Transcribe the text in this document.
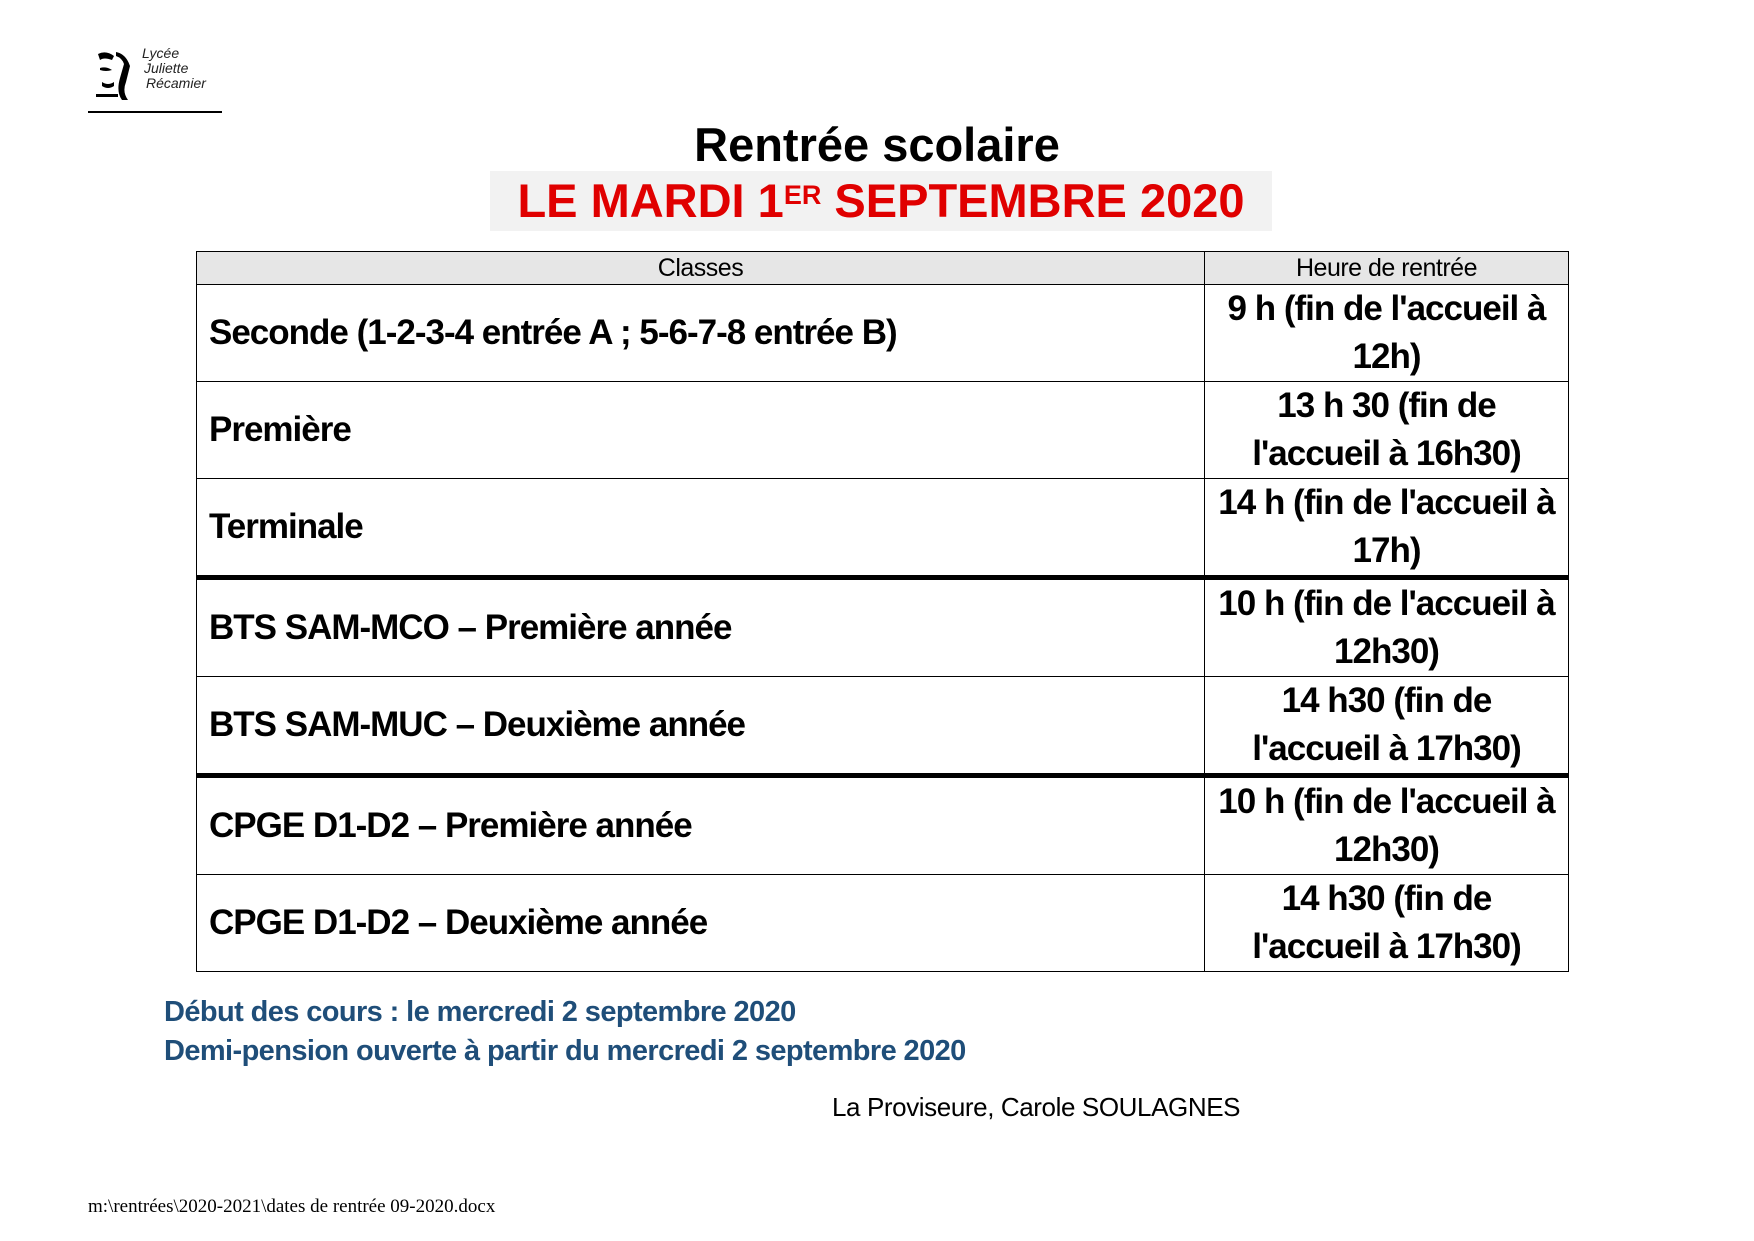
Lycée
Juliette
Récamier
Rentrée scolaire
LE MARDI 1ER SEPTEMBRE 2020
Classes	Heure de rentrée
Seconde (1-2-3-4 entrée A ; 5-6-7-8 entrée B)	9 h (fin de l'accueil à 12h)
Première	13 h 30 (fin de l'accueil à 16h30)
Terminale	14 h (fin de l'accueil à 17h)
BTS SAM-MCO – Première année	10 h (fin de l'accueil à 12h30)
BTS SAM-MUC – Deuxième année	14 h30 (fin de l'accueil à 17h30)
CPGE D1-D2 – Première année	10 h (fin de l'accueil à 12h30)
CPGE D1-D2 – Deuxième année	14 h30 (fin de l'accueil à 17h30)
Début des cours : le mercredi 2 septembre 2020
Demi-pension ouverte à partir du mercredi 2 septembre 2020
La Proviseure, Carole SOULAGNES
m:\rentrées\2020-2021\dates de rentrée 09-2020.docx
